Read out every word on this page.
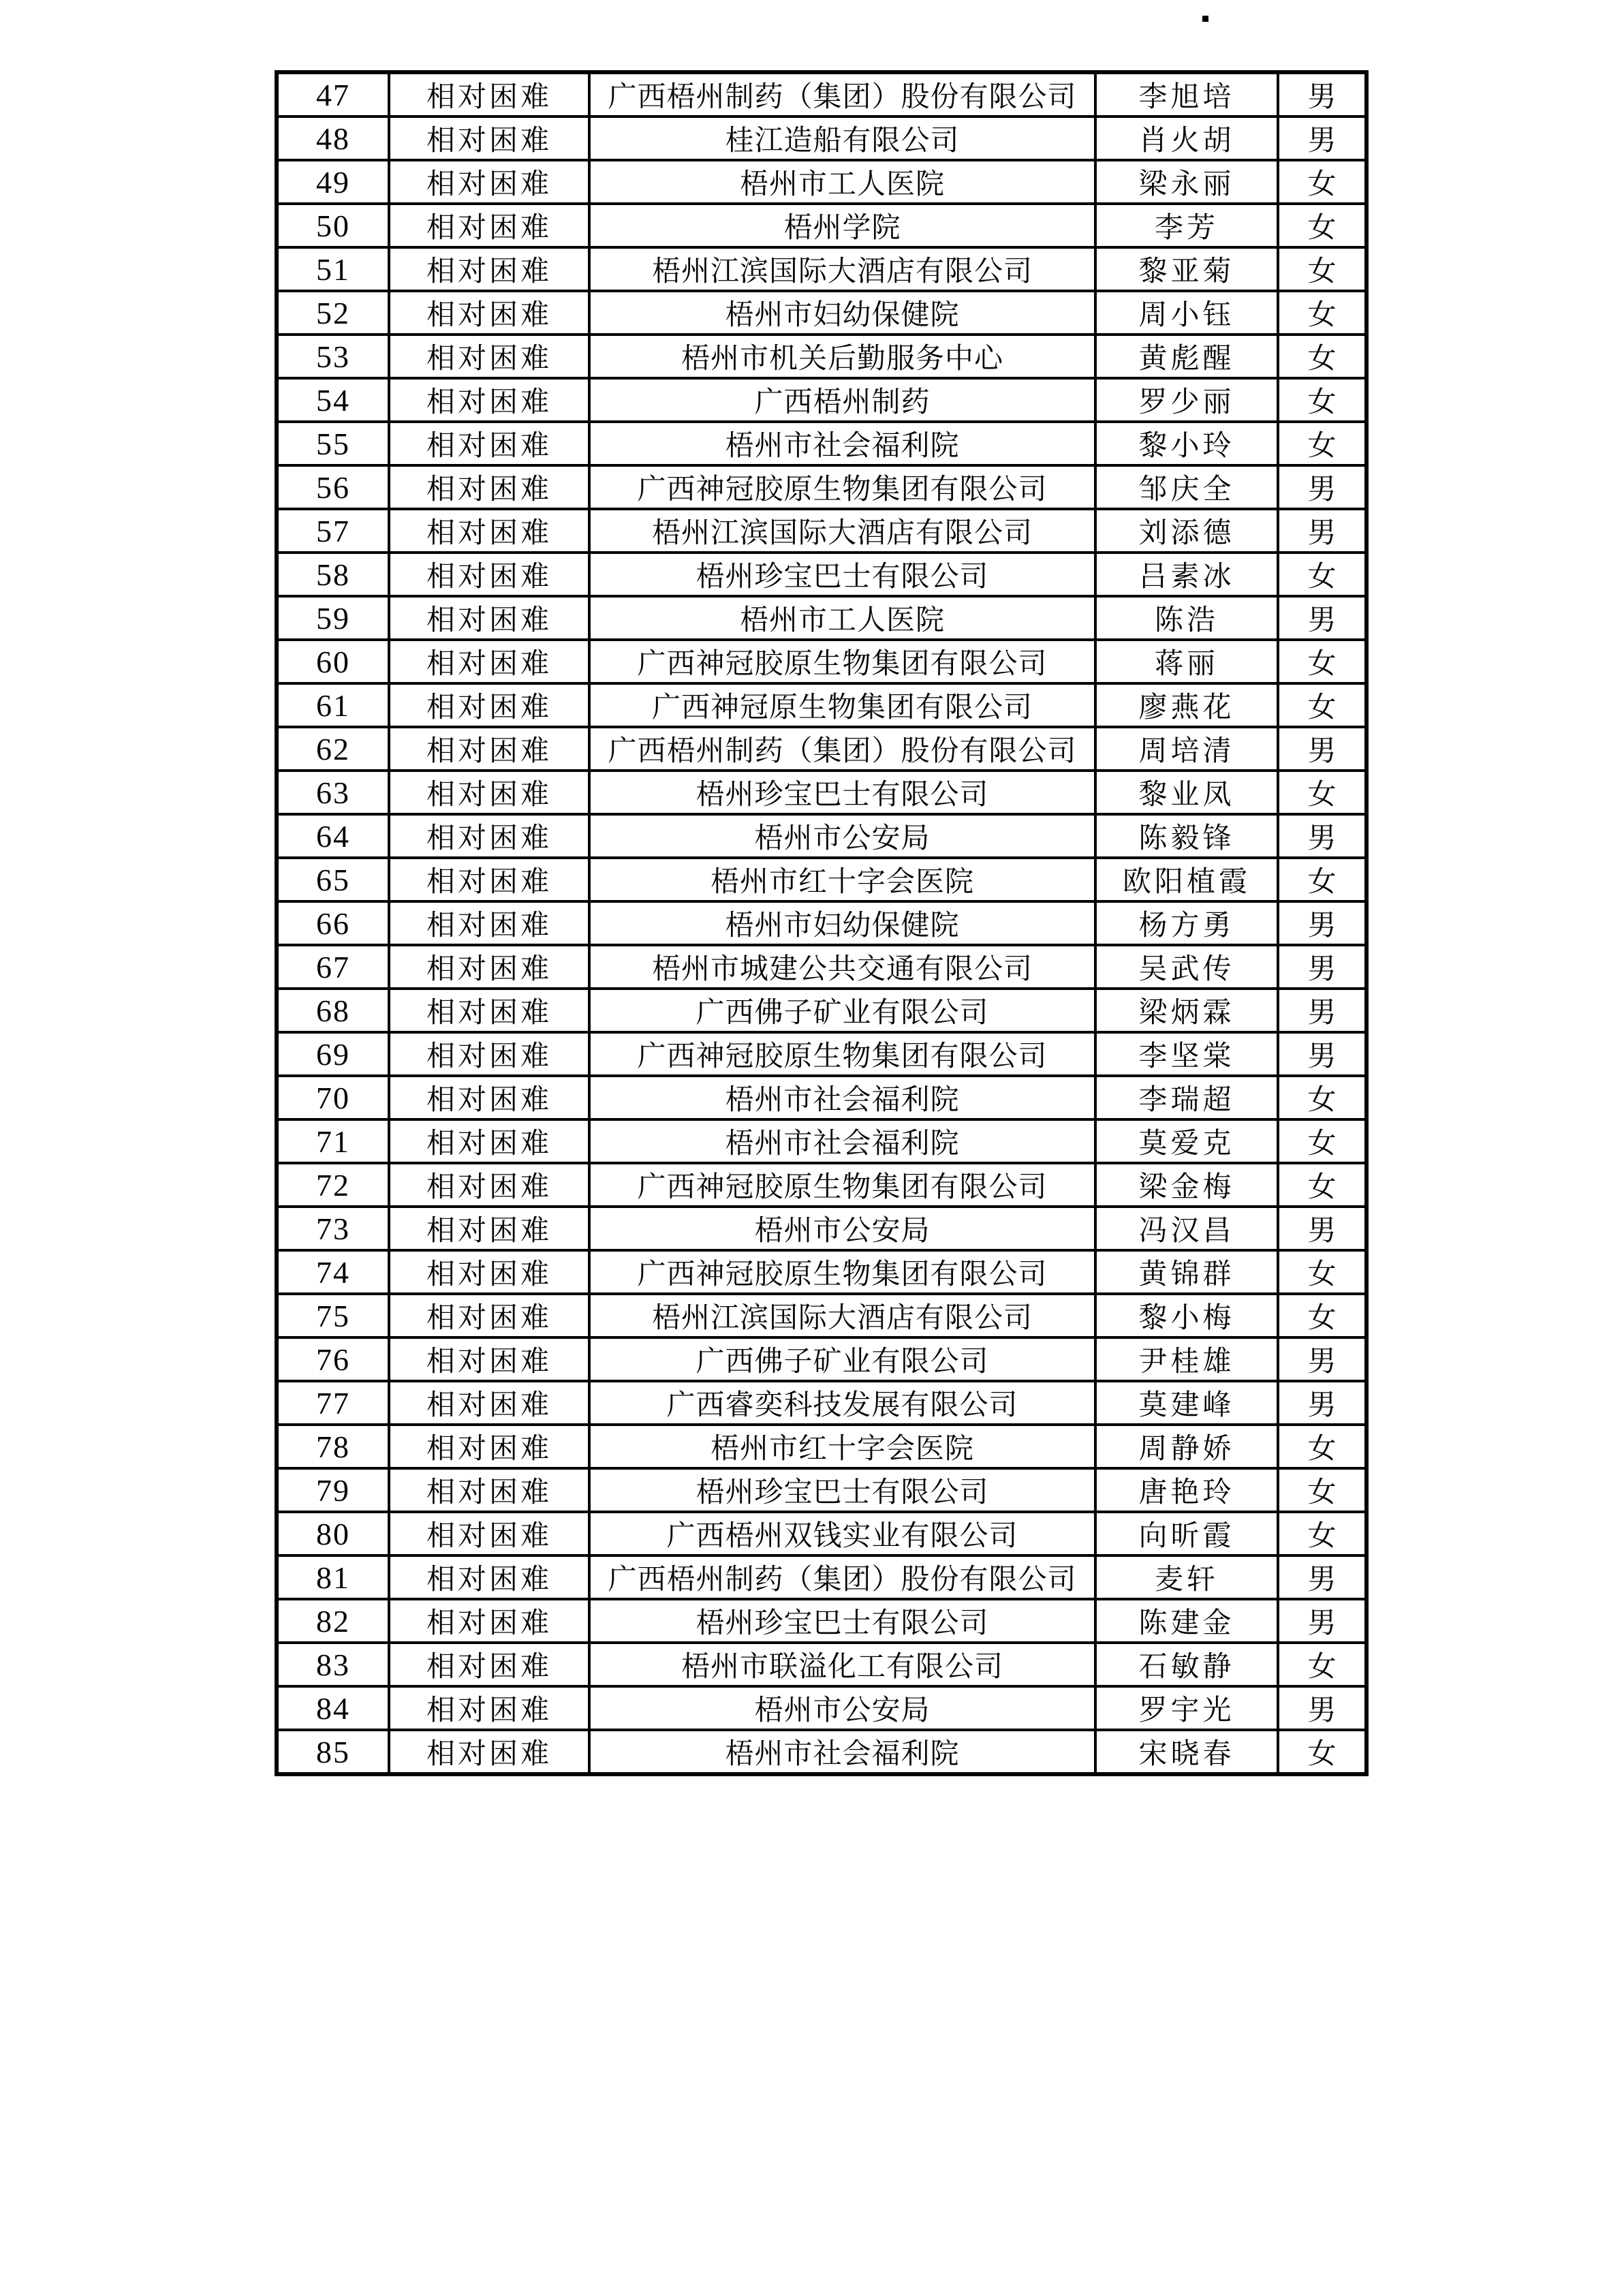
47	相对困难	广西梧州制药（集团）股份有限公司	李旭培	男
48	相对困难	桂江造船有限公司	肖火胡	男
49	相对困难	梧州市工人医院	梁永丽	女
50	相对困难	梧州学院	李芳	女
51	相对困难	梧州江滨国际大酒店有限公司	黎亚菊	女
52	相对困难	梧州市妇幼保健院	周小钰	女
53	相对困难	梧州市机关后勤服务中心	黄彪醒	女
54	相对困难	广西梧州制药	罗少丽	女
55	相对困难	梧州市社会福利院	黎小玲	女
56	相对困难	广西神冠胶原生物集团有限公司	邹庆全	男
57	相对困难	梧州江滨国际大酒店有限公司	刘添德	男
58	相对困难	梧州珍宝巴士有限公司	吕素冰	女
59	相对困难	梧州市工人医院	陈浩	男
60	相对困难	广西神冠胶原生物集团有限公司	蒋丽	女
61	相对困难	广西神冠原生物集团有限公司	廖燕花	女
62	相对困难	广西梧州制药（集团）股份有限公司	周培清	男
63	相对困难	梧州珍宝巴士有限公司	黎业凤	女
64	相对困难	梧州市公安局	陈毅锋	男
65	相对困难	梧州市红十字会医院	欧阳植霞	女
66	相对困难	梧州市妇幼保健院	杨方勇	男
67	相对困难	梧州市城建公共交通有限公司	吴武传	男
68	相对困难	广西佛子矿业有限公司	梁炳霖	男
69	相对困难	广西神冠胶原生物集团有限公司	李坚棠	男
70	相对困难	梧州市社会福利院	李瑞超	女
71	相对困难	梧州市社会福利院	莫爱克	女
72	相对困难	广西神冠胶原生物集团有限公司	梁金梅	女
73	相对困难	梧州市公安局	冯汉昌	男
74	相对困难	广西神冠胶原生物集团有限公司	黄锦群	女
75	相对困难	梧州江滨国际大酒店有限公司	黎小梅	女
76	相对困难	广西佛子矿业有限公司	尹桂雄	男
77	相对困难	广西睿奕科技发展有限公司	莫建峰	男
78	相对困难	梧州市红十字会医院	周静娇	女
79	相对困难	梧州珍宝巴士有限公司	唐艳玲	女
80	相对困难	广西梧州双钱实业有限公司	向昕霞	女
81	相对困难	广西梧州制药（集团）股份有限公司	麦轩	男
82	相对困难	梧州珍宝巴士有限公司	陈建金	男
83	相对困难	梧州市联溢化工有限公司	石敏静	女
84	相对困难	梧州市公安局	罗宇光	男
85	相对困难	梧州市社会福利院	宋晓春	女
